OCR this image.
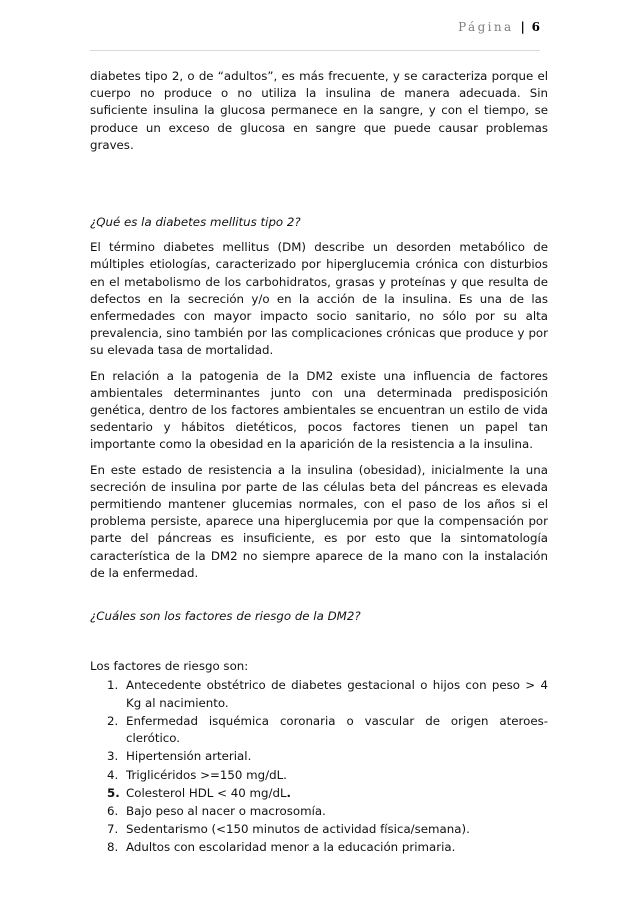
Página | 6

diabetes tipo 2, o de “adultos”, es más frecuente, y se caracteriza porque el cuerpo no produce o no utiliza la insulina de manera adecuada. Sin suficiente insulina la glucosa permanece en la sangre, y con el tiempo, se produce un exceso de glucosa en sangre que puede causar problemas graves.

¿Qué es la diabetes mellitus tipo 2?

El término diabetes mellitus (DM) describe un desorden metabólico de múltiples etiologías, caracterizado por hiperglucemia crónica con disturbios en el metabolismo de los carbohidratos, grasas y proteínas y que resulta de defectos en la secreción y/o en la acción de la insulina. Es una de las enfermedades con mayor impacto socio sanitario, no sólo por su alta prevalencia, sino también por las complicaciones crónicas que produce y por su elevada tasa de mortalidad.

En relación a la patogenia de la DM2 existe una influencia de factores ambientales determinantes junto con una determinada predisposición genética, dentro de los factores ambientales se encuentran un estilo de vida sedentario y hábitos dietéticos, pocos factores tienen un papel tan importante como la obesidad en la aparición de la resistencia a la insulina.

En este estado de resistencia a la insulina (obesidad), inicialmente la una secreción de insulina por parte de las células beta del páncreas es elevada permitiendo mantener glucemias normales, con el paso de los años si el problema persiste, aparece una hiperglucemia por que la compensación por parte del páncreas es insuficiente, es por esto que la sintomatología característica de la DM2 no siempre aparece de la mano con la instalación de la enfermedad.

¿Cuáles son los factores de riesgo de la DM2?

Los factores de riesgo son:

1. Antecedente obstétrico de diabetes gestacional o hijos con peso > 4 Kg al nacimiento.
2. Enfermedad isquémica coronaria o vascular de origen ateroes-clerótico.
3. Hipertensión arterial.
4. Triglicéridos >=150 mg/dL.
5. Colesterol HDL < 40 mg/dL.
6. Bajo peso al nacer o macrosomía.
7. Sedentarismo (<150 minutos de actividad física/semana).
8. Adultos con escolaridad menor a la educación primaria.
